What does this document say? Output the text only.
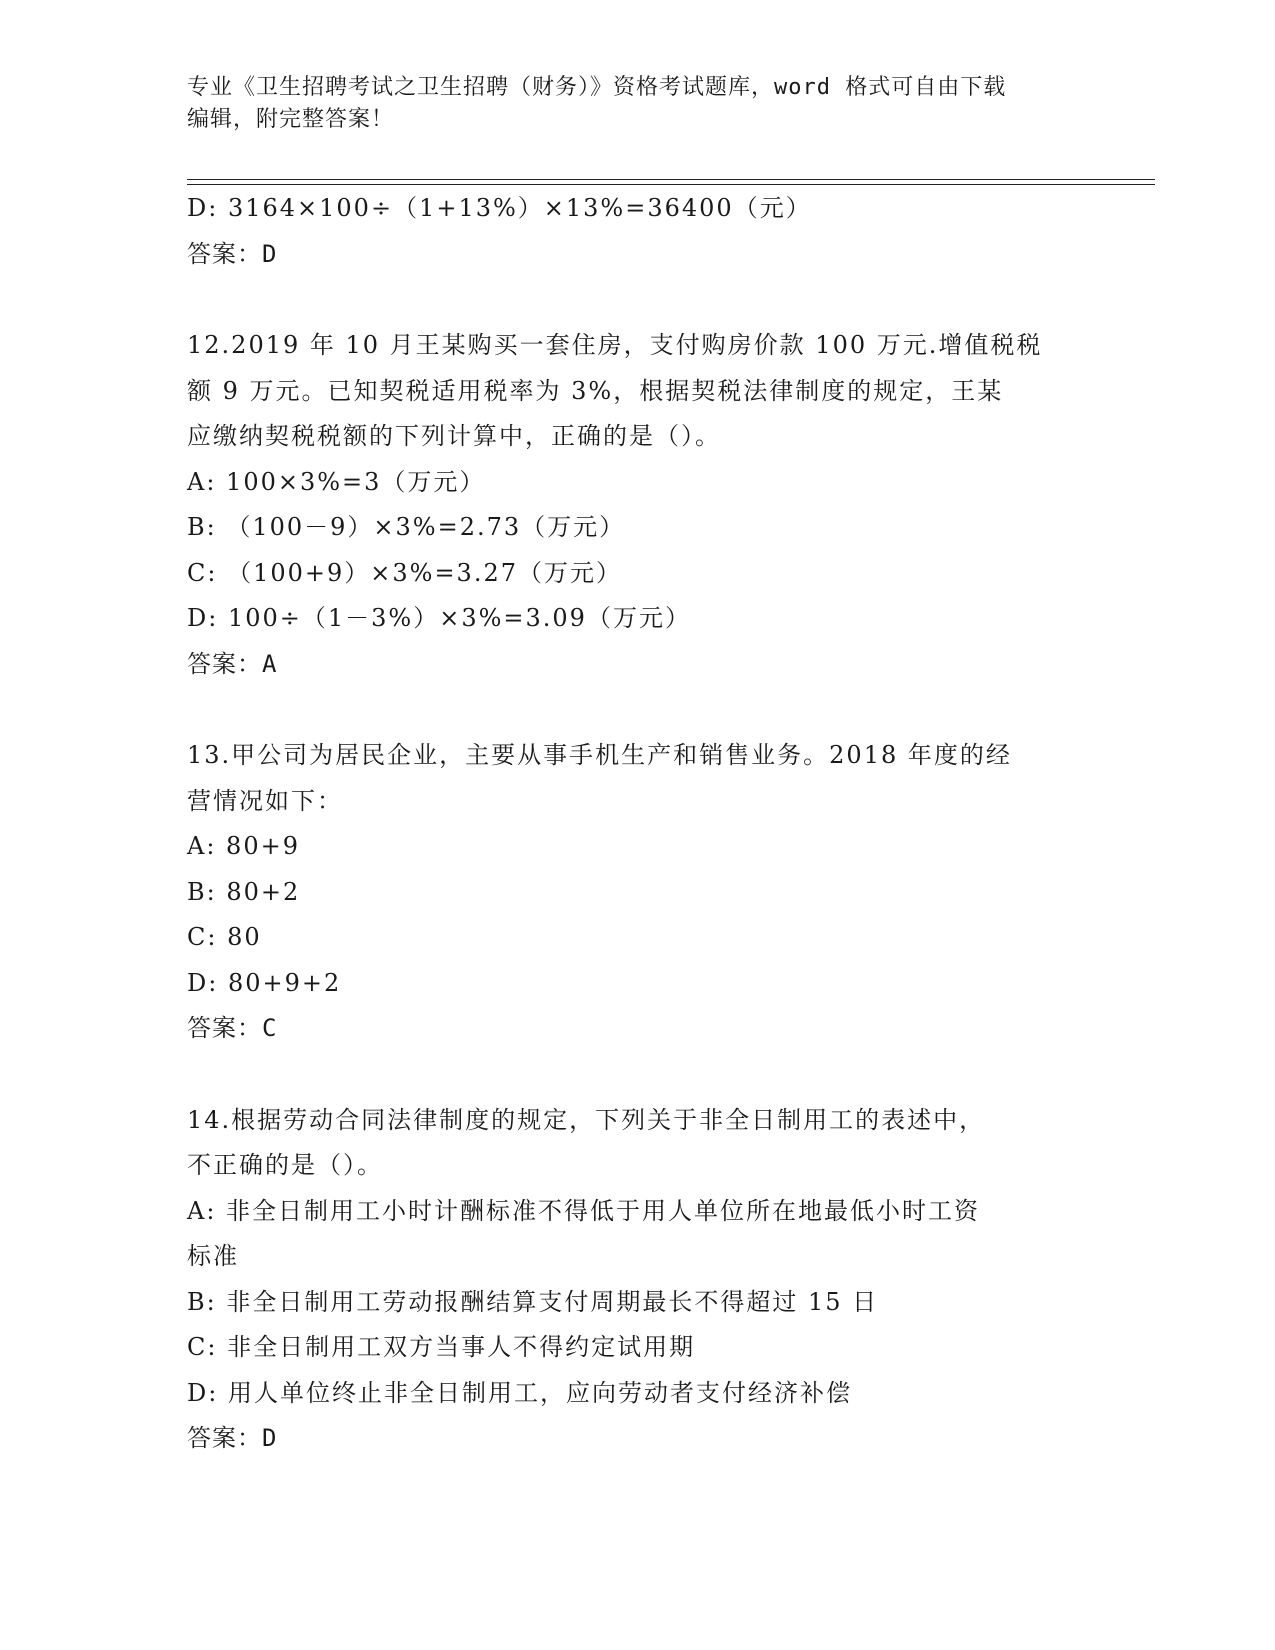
专业《卫生招聘考试之卫生招聘（财务）》资格考试题库，word 格式可自由下载
编辑，附完整答案！
D: 3164×100÷（1+13%）×13%=36400（元）
答案：D
12.2019 年 10 月王某购买一套住房，支付购房价款 100 万元.增值税税
额 9 万元。已知契税适用税率为 3%，根据契税法律制度的规定，王某
应缴纳契税税额的下列计算中，正确的是（）。
A: 100×3%=3（万元）
B: （100－9）×3%=2.73（万元）
C: （100+9）×3%=3.27（万元）
D: 100÷（1－3%）×3%=3.09（万元）
答案：A
13.甲公司为居民企业，主要从事手机生产和销售业务。2018 年度的经
营情况如下：
A: 80+9
B: 80+2
C: 80
D: 80+9+2
答案：C
14.根据劳动合同法律制度的规定，下列关于非全日制用工的表述中，
不正确的是（）。
A: 非全日制用工小时计酬标准不得低于用人单位所在地最低小时工资
标准
B: 非全日制用工劳动报酬结算支付周期最长不得超过 15 日
C: 非全日制用工双方当事人不得约定试用期
D: 用人单位终止非全日制用工，应向劳动者支付经济补偿
答案：D
